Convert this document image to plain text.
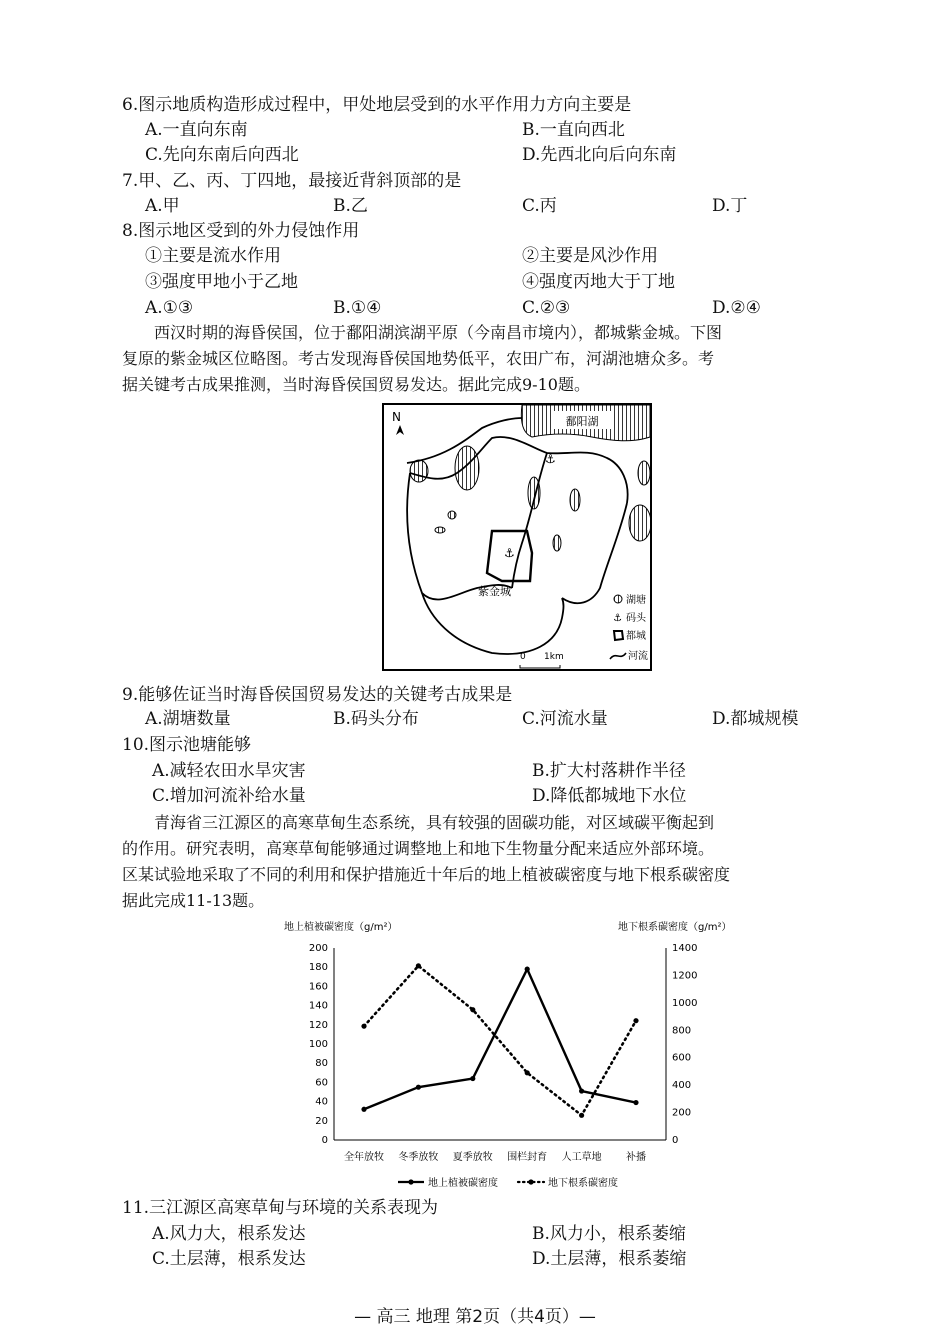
6.图示地质构造形成过程中，甲处地层受到的水平作用力方向主要是
A.一直向东南	B.一直向西北
C.先向东南后向西北	D.先西北向后向东南
7.甲、乙、丙、丁四地，最接近背斜顶部的是
A.甲	B.乙	C.丙	D.丁
8.图示地区受到的外力侵蚀作用
①主要是流水作用	②主要是风沙作用
③强度甲地小于乙地	④强度丙地大于丁地
A.①③	B.①④	C.②③	D.②④

西汉时期的海昏侯国，位于鄱阳湖滨湖平原（今南昌市境内），都城紫金城。下图

复原的紫金城区位略图。考古发现海昏侯国地势低平，农田广布，河湖池塘众多。考
据关键考古成果推测，当时海昏侯国贸易发达。据此完成9-10题。
鄱阳湖
⚓
⚓
紫金城
N
湖塘
⚓ 码头
都城
河流
0 1km
9.能够佐证当时海昏侯国贸易发达的关键考古成果是
A.湖塘数量	B.码头分布	C.河流水量	D.都城规模
10.图示池塘能够
A.减轻农田水旱灾害	B.扩大村落耕作半径
C.增加河流补给水量	D.降低都城地下水位

青海省三江源区的高寒草甸生态系统，具有较强的固碳功能，对区域碳平衡起到

的作用。研究表明，高寒草甸能够通过调整地上和地下生物量分配来适应外部环境。
区某试验地采取了不同的利用和保护措施近十年后的地上植被碳密度与地下根系碳密度
据此完成11-13题。
地上植被碳密度（g/m²）	地下根系碳密度（g/m²）
0
20
40
60
80
100
120
140
160
180
200
0
200
400
600
800
1000
1200
1400
全年放牧 冬季放牧 夏季放牧 围栏封育 人工草地 补播
地上植被碳密度	地下根系碳密度
11.三江源区高寒草甸与环境的关系表现为
A.风力大，根系发达	B.风力小，根系萎缩
C.土层薄，根系发达	D.土层薄，根系萎缩
— 高三 地理 第2页（共4页）—
